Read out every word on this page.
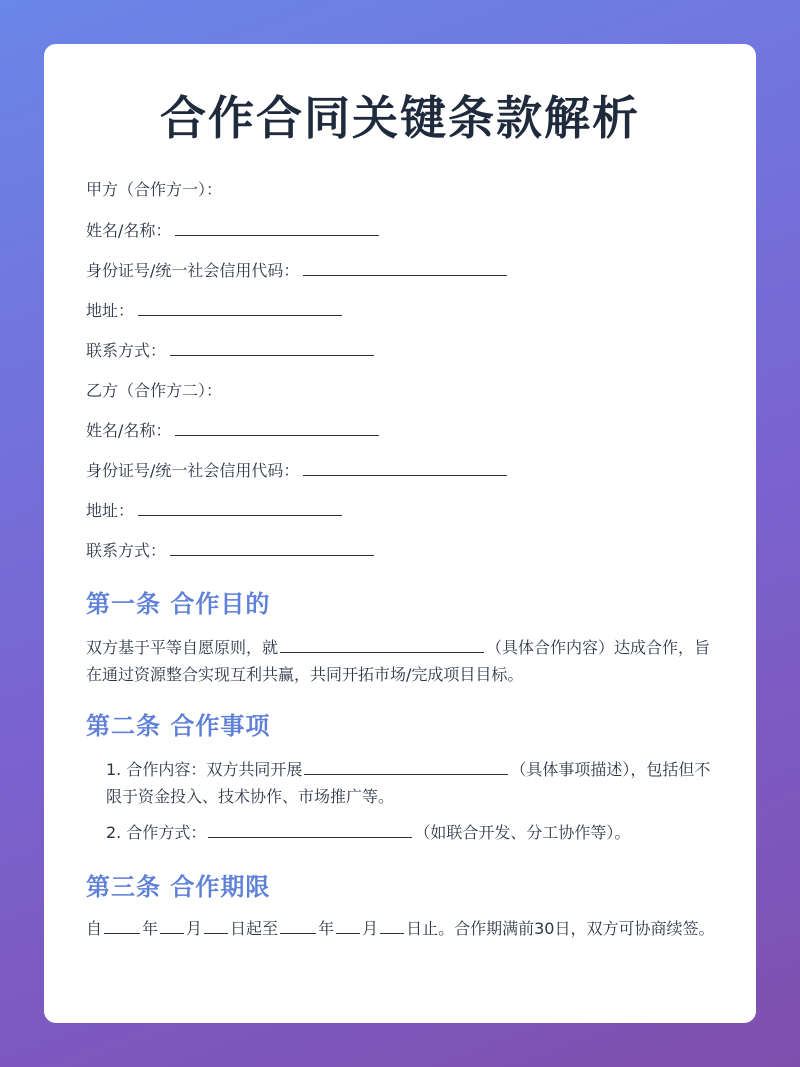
合作合同关键条款解析
甲方（合作方一）：
姓名/名称：
身份证号/统一社会信用代码：
地址：
联系方式：
乙方（合作方二）：
姓名/名称：
身份证号/统一社会信用代码：
地址：
联系方式：
第一条 合作目的
双方基于平等自愿原则，就	（具体合作内容）达成合作，旨在通过资源整合实现互利共赢，共同开拓市场/完成项目目标。
第二条 合作事项
1. 合作内容：双方共同开展	（具体事项描述），包括但不限于资金投入、技术协作、市场推广等。
2. 合作方式：	（如联合开发、分工协作等）。
第三条 合作期限
自	年 月 日起至	年 月 日止。合作期满前30日，双方可协商续签。
